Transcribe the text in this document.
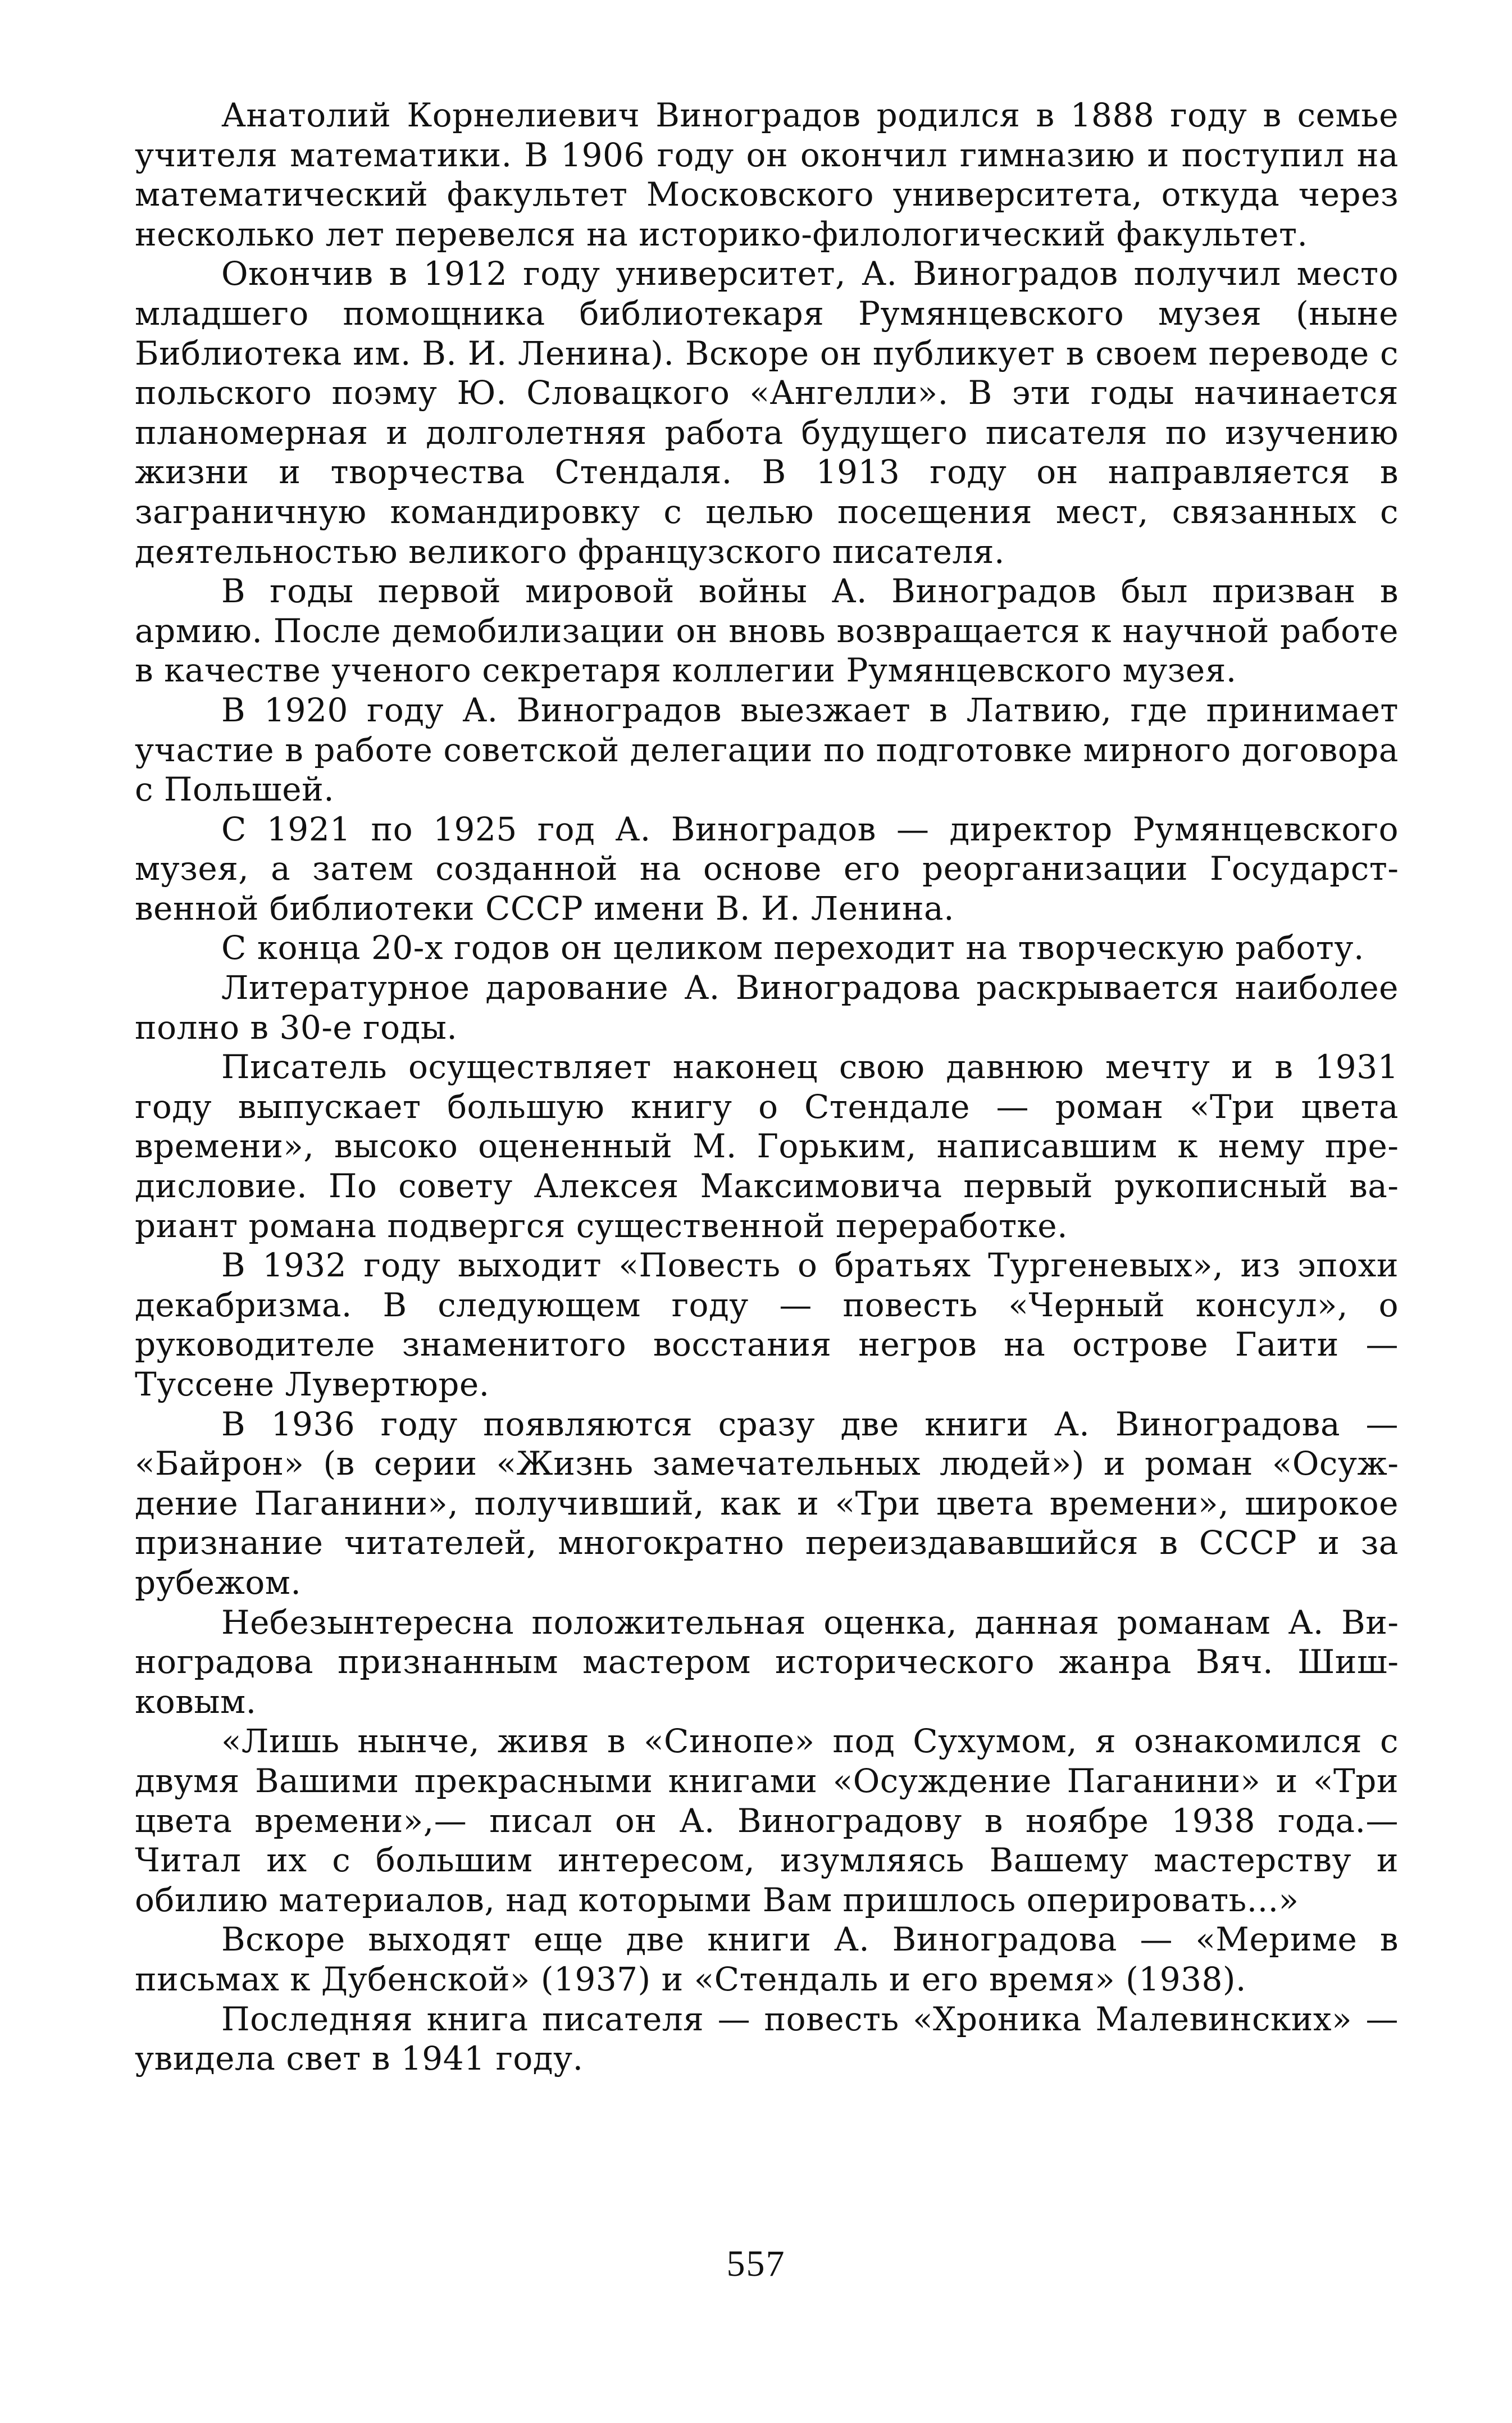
Анатолий Корнелиевич Виноградов родился в 1888 году в семье учителя математики. В 1906 году он окончил гимназию и поступил на математический факультет Московского университета, откуда через несколько лет перевелся на историко-филологический факультет.

Окончив в 1912 году университет, А. Виноградов получил место младшего помощника библиотекаря Румянцевского музея (ныне Библиотека им. В. И. Ленина). Вскоре он публикует в своем переводе с польского поэму Ю. Словацкого «Ангелли». В эти годы начинается планомерная и долголетняя работа будущего писателя по изучению жизни и творчества Стендаля. В 1913 году он направляется в заграничную командировку с целью посещения мест, связанных с деятельностью великого французского писателя.

В годы первой мировой войны А. Виноградов был призван в армию. После демобилизации он вновь возвращается к научной работе в качестве ученого секретаря коллегии Румянцевского музея.

В 1920 году А. Виноградов выезжает в Латвию, где принимает участие в работе советской делегации по подготовке мирного договора с Польшей.

С 1921 по 1925 год А. Виноградов — директор Румянцевского музея, а затем созданной на основе его реорганизации Государственной библиотеки СССР имени В. И. Ленина.

С конца 20-х годов он целиком переходит на творческую работу.

Литературное дарование А. Виноградова раскрывается наиболее полно в 30-е годы.

Писатель осуществляет наконец свою давнюю мечту и в 1931 году выпускает большую книгу о Стендале — роман «Три цвета времени», высоко оцененный М. Горьким, написавшим к нему предисловие. По совету Алексея Максимовича первый рукописный вариант романа подвергся существенной переработке.

В 1932 году выходит «Повесть о братьях Тургеневых», из эпохи декабризма. В следующем году — повесть «Черный консул», о руководителе знаменитого восстания негров на острове Гаити — Туссене Лувертюре.

В 1936 году появляются сразу две книги А. Виноградова — «Байрон» (в серии «Жизнь замечательных людей») и роман «Осуждение Паганини», получивший, как и «Три цвета времени», широкое признание читателей, многократно переиздававшийся в СССР и за рубежом.

Небезынтересна положительная оценка, данная романам А. Виноградова признанным мастером исторического жанра Вяч. Шишковым.

«Лишь нынче, живя в «Синопе» под Сухумом, я ознакомился с двумя Вашими прекрасными книгами «Осуждение Паганини» и «Три цвета времени»,— писал он А. Виноградову в ноябре 1938 года.— Читал их с большим интересом, изумляясь Вашему мастерству и обилию материалов, над которыми Вам пришлось оперировать...»

Вскоре выходят еще две книги А. Виноградова — «Мериме в письмах к Дубенской» (1937) и «Стендаль и его время» (1938).

Последняя книга писателя — повесть «Хроника Малевинских» — увидела свет в 1941 году.

557
